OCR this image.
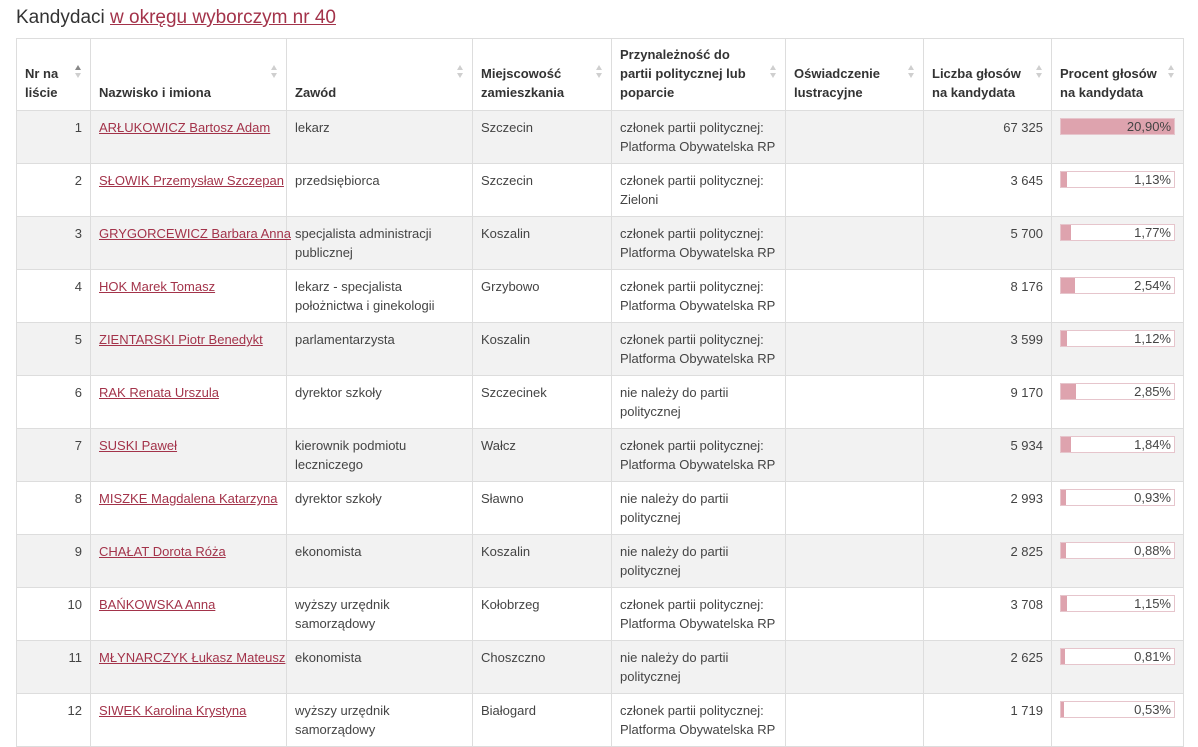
Kandydaci w okręgu wyborczym nr 40
Nr na liście	Nazwisko i imiona	Zawód	Miejscowość zamieszkania	Przynależność do partii politycznej lub poparcie	Oświadczenie lustracyjne	Liczba głosów na kandydata	Procent głosów na kandydata

1	ARŁUKOWICZ Bartosz Adam	lekarz	Szczecin	członek partii politycznej: Platforma Obywatelska RP		67 325	20,90%

2	SŁOWIK Przemysław Szczepan	przedsiębiorca	Szczecin	członek partii politycznej: Zieloni		3 645	1,13%

3	GRYGORCEWICZ Barbara Anna	specjalista administracji publicznej	Koszalin	członek partii politycznej: Platforma Obywatelska RP		5 700	1,77%

4	HOK Marek Tomasz	lekarz - specjalista położnictwa i ginekologii	Grzybowo	członek partii politycznej: Platforma Obywatelska RP		8 176	2,54%

5	ZIENTARSKI Piotr Benedykt	parlamentarzysta	Koszalin	członek partii politycznej: Platforma Obywatelska RP		3 599	1,12%

6	RAK Renata Urszula	dyrektor szkoły	Szczecinek	nie należy do partii politycznej		9 170	2,85%

7	SUSKI Paweł	kierownik podmiotu leczniczego	Wałcz	członek partii politycznej: Platforma Obywatelska RP		5 934	1,84%

8	MISZKE Magdalena Katarzyna	dyrektor szkoły	Sławno	nie należy do partii politycznej		2 993	0,93%

9	CHAŁAT Dorota Róża	ekonomista	Koszalin	nie należy do partii politycznej		2 825	0,88%

10	BAŃKOWSKA Anna	wyższy urzędnik samorządowy	Kołobrzeg	członek partii politycznej: Platforma Obywatelska RP		3 708	1,15%

11	MŁYNARCZYK Łukasz Mateusz	ekonomista	Choszczno	nie należy do partii politycznej		2 625	0,81%

12	SIWEK Karolina Krystyna	wyższy urzędnik samorządowy	Białogard	członek partii politycznej: Platforma Obywatelska RP		1 719	0,53%
